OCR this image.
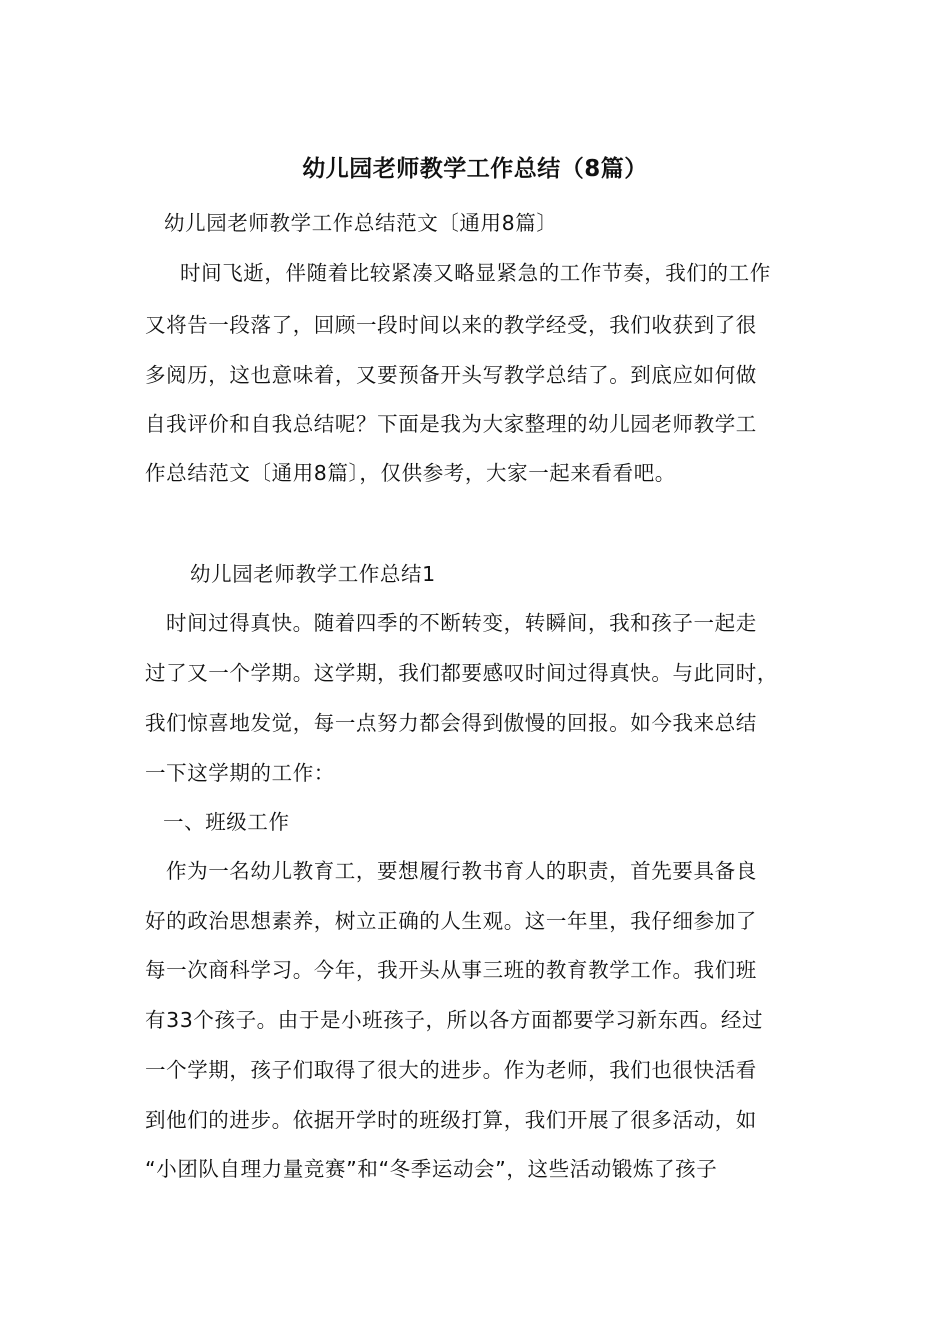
幼儿园老师教学工作总结（8篇）
幼儿园老师教学工作总结范文〔通用8篇〕
时间飞逝，伴随着比较紧凑又略显紧急的工作节奏，我们的工作
又将告一段落了，回顾一段时间以来的教学经受，我们收获到了很
多阅历，这也意味着，又要预备开头写教学总结了。到底应如何做
自我评价和自我总结呢？下面是我为大家整理的幼儿园老师教学工
作总结范文〔通用8篇〕，仅供参考，大家一起来看看吧。
幼儿园老师教学工作总结1
时间过得真快。随着四季的不断转变，转瞬间，我和孩子一起走
过了又一个学期。这学期，我们都要感叹时间过得真快。与此同时，
我们惊喜地发觉，每一点努力都会得到傲慢的回报。如今我来总结
一下这学期的工作：
一、班级工作
作为一名幼儿教育工，要想履行教书育人的职责，首先要具备良
好的政治思想素养，树立正确的人生观。这一年里，我仔细参加了
每一次商科学习。今年，我开头从事三班的教育教学工作。我们班
有33个孩子。由于是小班孩子，所以各方面都要学习新东西。经过
一个学期，孩子们取得了很大的进步。作为老师，我们也很快活看
到他们的进步。依据开学时的班级打算，我们开展了很多活动，如
“小团队自理力量竞赛”和“冬季运动会”，这些活动锻炼了孩子
